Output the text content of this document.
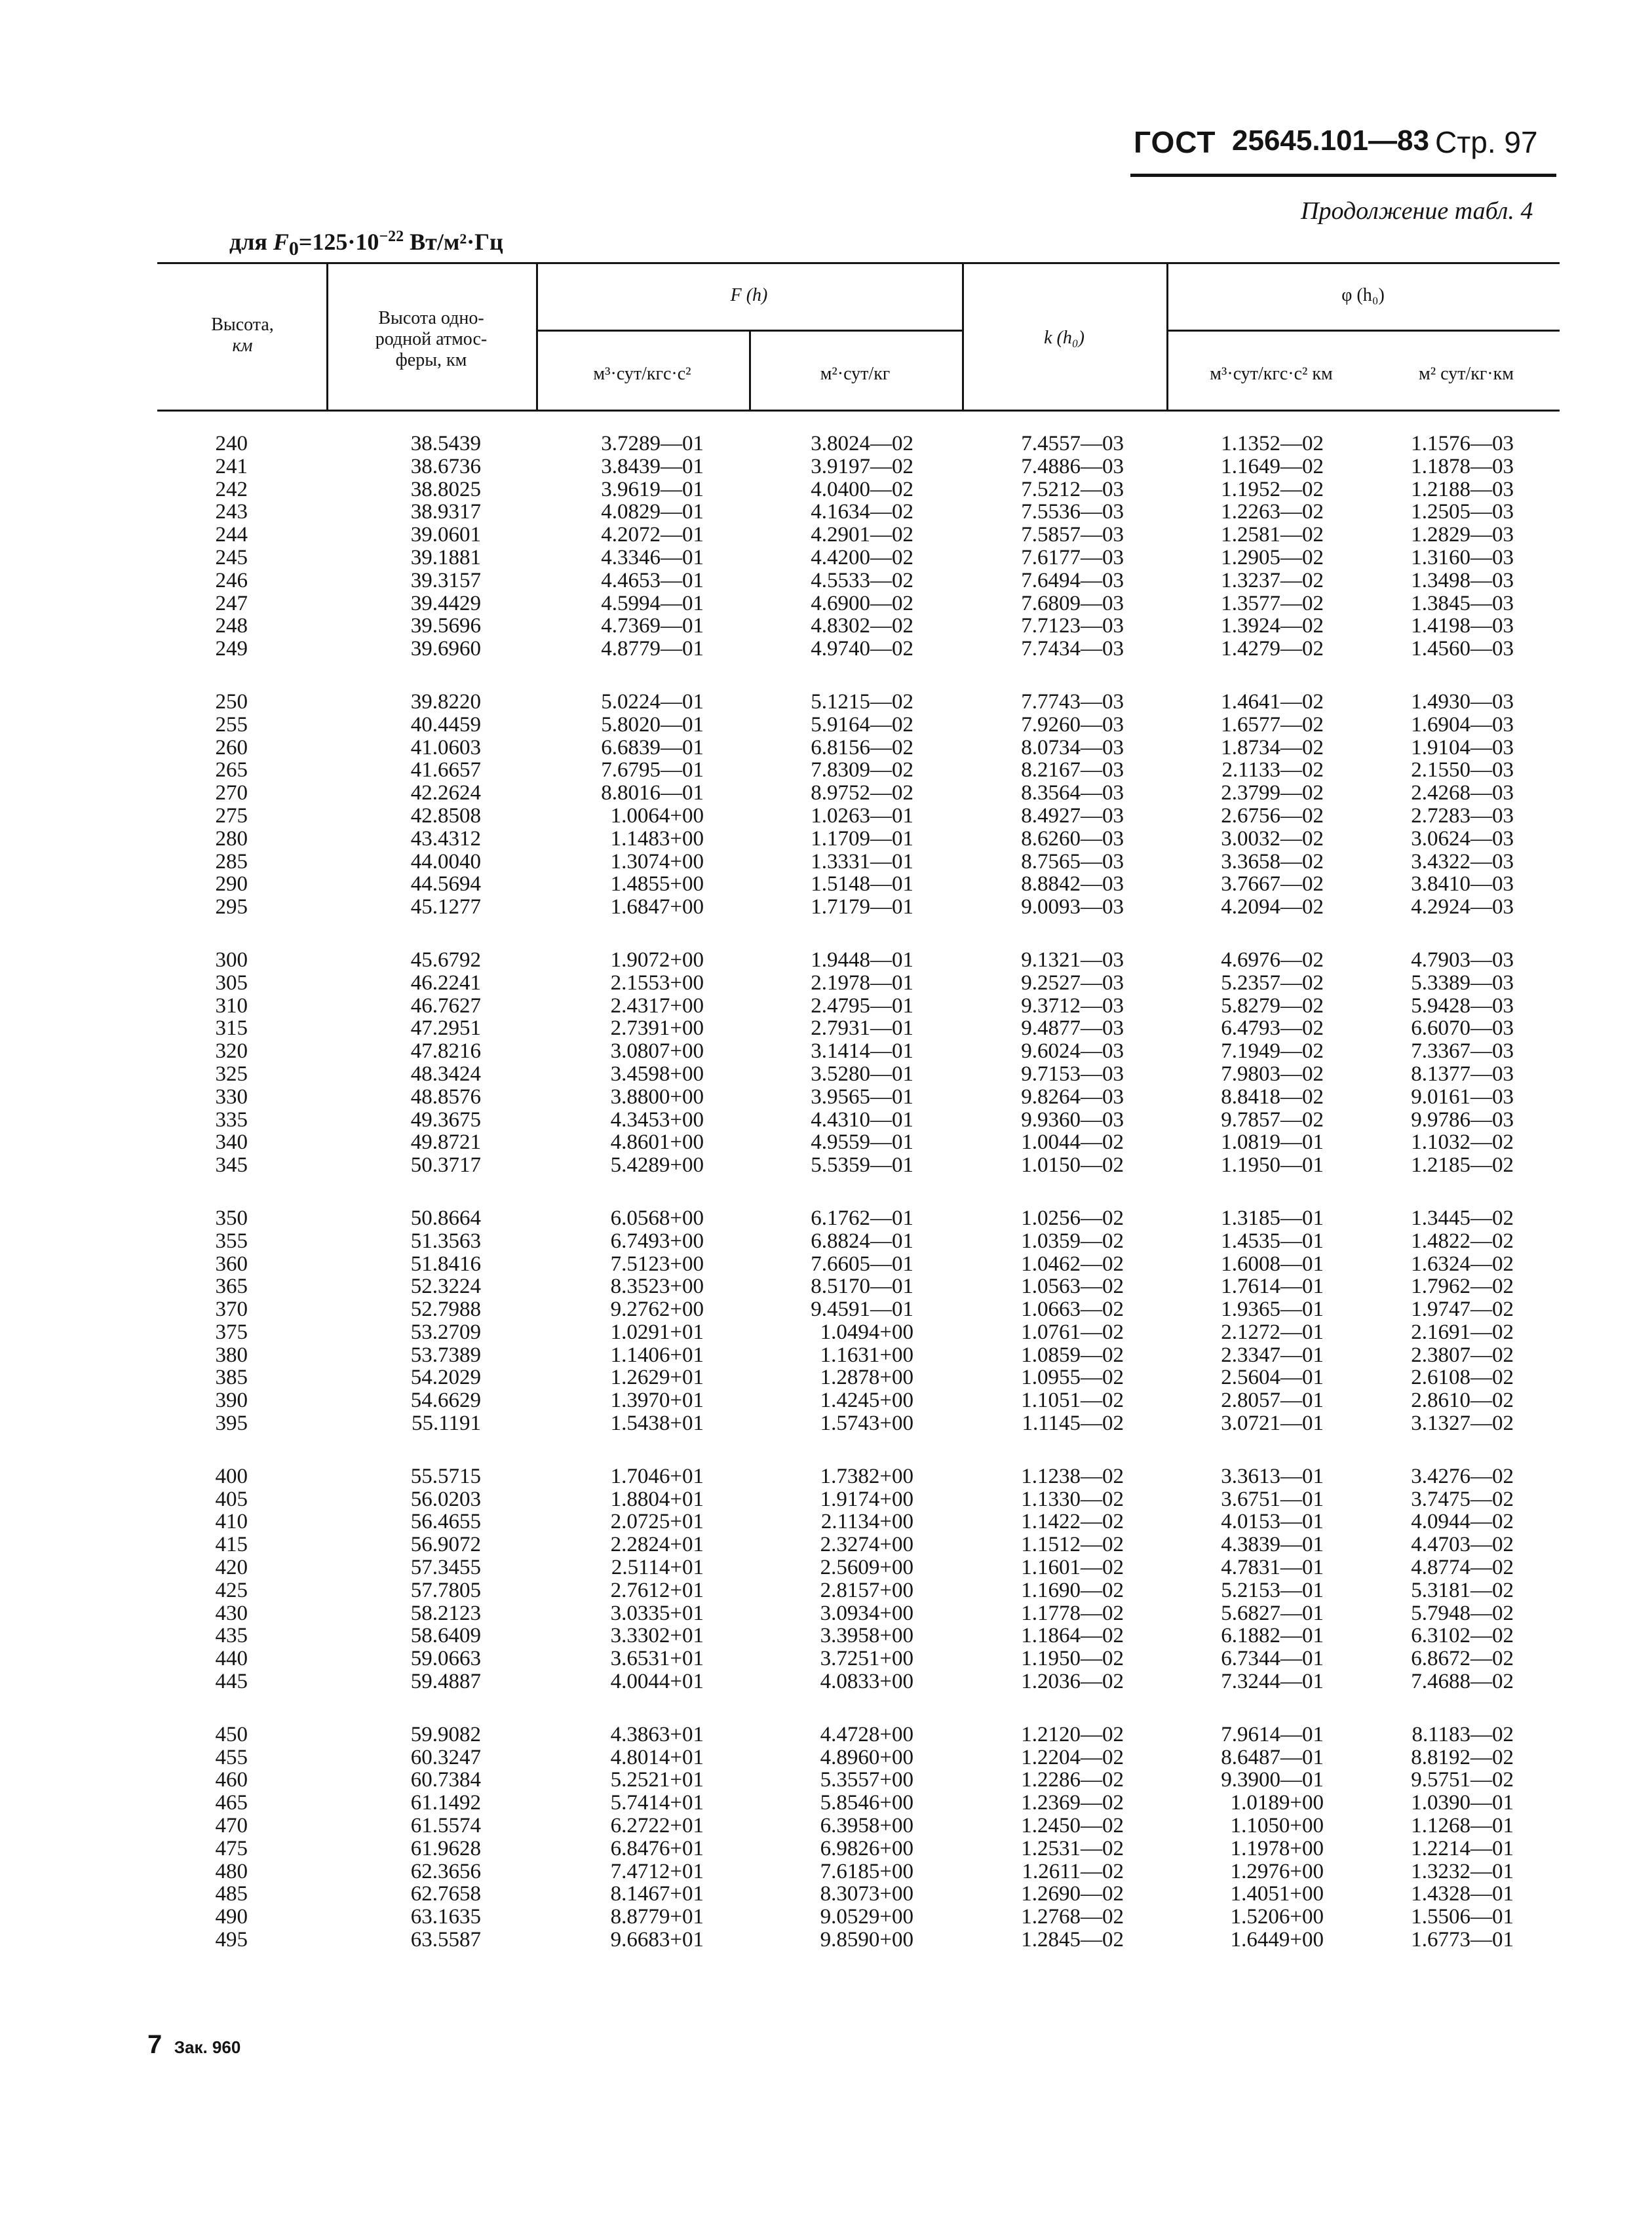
ГОСТ 25645.101—83 Стр. 97
Продолжение табл. 4
для $F_0=125\cdot 10^{-22}$ Вт/м²·Гц
Высота,
км
Высота одно-
родной атмос-
феры, км
F (h)
м³·сут/кгс·с²	м²·сут/кг
k (h₀)
φ (h₀)
м³·сут/кгс·с² км	м² сут/кг·км
240
241
242
243
244
245
246
247
248
249
250
255
260
265
270
275
280
285
290
295
300
305
310
315
320
325
330
335
340
345
350
355
360
365
370
375
380
385
390
395
400
405
410
415
420
425
430
435
440
445
450
455
460
465
470
475
480
485
490
495
38.5439
38.6736
38.8025
38.9317
39.0601
39.1881
39.3157
39.4429
39.5696
39.6960
39.8220
40.4459
41.0603
41.6657
42.2624
42.8508
43.4312
44.0040
44.5694
45.1277
45.6792
46.2241
46.7627
47.2951
47.8216
48.3424
48.8576
49.3675
49.8721
50.3717
50.8664
51.3563
51.8416
52.3224
52.7988
53.2709
53.7389
54.2029
54.6629
55.1191
55.5715
56.0203
56.4655
56.9072
57.3455
57.7805
58.2123
58.6409
59.0663
59.4887
59.9082
60.3247
60.7384
61.1492
61.5574
61.9628
62.3656
62.7658
63.1635
63.5587
3.7289—01
3.8439—01
3.9619—01
4.0829—01
4.2072—01
4.3346—01
4.4653—01
4.5994—01
4.7369—01
4.8779—01
5.0224—01
5.8020—01
6.6839—01
7.6795—01
8.8016—01
1.0064+00
1.1483+00
1.3074+00
1.4855+00
1.6847+00
1.9072+00
2.1553+00
2.4317+00
2.7391+00
3.0807+00
3.4598+00
3.8800+00
4.3453+00
4.8601+00
5.4289+00
6.0568+00
6.7493+00
7.5123+00
8.3523+00
9.2762+00
1.0291+01
1.1406+01
1.2629+01
1.3970+01
1.5438+01
1.7046+01
1.8804+01
2.0725+01
2.2824+01
2.5114+01
2.7612+01
3.0335+01
3.3302+01
3.6531+01
4.0044+01
4.3863+01
4.8014+01
5.2521+01
5.7414+01
6.2722+01
6.8476+01
7.4712+01
8.1467+01
8.8779+01
9.6683+01
3.8024—02
3.9197—02
4.0400—02
4.1634—02
4.2901—02
4.4200—02
4.5533—02
4.6900—02
4.8302—02
4.9740—02
5.1215—02
5.9164—02
6.8156—02
7.8309—02
8.9752—02
1.0263—01
1.1709—01
1.3331—01
1.5148—01
1.7179—01
1.9448—01
2.1978—01
2.4795—01
2.7931—01
3.1414—01
3.5280—01
3.9565—01
4.4310—01
4.9559—01
5.5359—01
6.1762—01
6.8824—01
7.6605—01
8.5170—01
9.4591—01
1.0494+00
1.1631+00
1.2878+00
1.4245+00
1.5743+00
1.7382+00
1.9174+00
2.1134+00
2.3274+00
2.5609+00
2.8157+00
3.0934+00
3.3958+00
3.7251+00
4.0833+00
4.4728+00
4.8960+00
5.3557+00
5.8546+00
6.3958+00
6.9826+00
7.6185+00
8.3073+00
9.0529+00
9.8590+00
7.4557—03
7.4886—03
7.5212—03
7.5536—03
7.5857—03
7.6177—03
7.6494—03
7.6809—03
7.7123—03
7.7434—03
7.7743—03
7.9260—03
8.0734—03
8.2167—03
8.3564—03
8.4927—03
8.6260—03
8.7565—03
8.8842—03
9.0093—03
9.1321—03
9.2527—03
9.3712—03
9.4877—03
9.6024—03
9.7153—03
9.8264—03
9.9360—03
1.0044—02
1.0150—02
1.0256—02
1.0359—02
1.0462—02
1.0563—02
1.0663—02
1.0761—02
1.0859—02
1.0955—02
1.1051—02
1.1145—02
1.1238—02
1.1330—02
1.1422—02
1.1512—02
1.1601—02
1.1690—02
1.1778—02
1.1864—02
1.1950—02
1.2036—02
1.2120—02
1.2204—02
1.2286—02
1.2369—02
1.2450—02
1.2531—02
1.2611—02
1.2690—02
1.2768—02
1.2845—02
1.1352—02
1.1649—02
1.1952—02
1.2263—02
1.2581—02
1.2905—02
1.3237—02
1.3577—02
1.3924—02
1.4279—02
1.4641—02
1.6577—02
1.8734—02
2.1133—02
2.3799—02
2.6756—02
3.0032—02
3.3658—02
3.7667—02
4.2094—02
4.6976—02
5.2357—02
5.8279—02
6.4793—02
7.1949—02
7.9803—02
8.8418—02
9.7857—02
1.0819—01
1.1950—01
1.3185—01
1.4535—01
1.6008—01
1.7614—01
1.9365—01
2.1272—01
2.3347—01
2.5604—01
2.8057—01
3.0721—01
3.3613—01
3.6751—01
4.0153—01
4.3839—01
4.7831—01
5.2153—01
5.6827—01
6.1882—01
6.7344—01
7.3244—01
7.9614—01
8.6487—01
9.3900—01
1.0189+00
1.1050+00
1.1978+00
1.2976+00
1.4051+00
1.5206+00
1.6449+00
1.1576—03
1.1878—03
1.2188—03
1.2505—03
1.2829—03
1.3160—03
1.3498—03
1.3845—03
1.4198—03
1.4560—03
1.4930—03
1.6904—03
1.9104—03
2.1550—03
2.4268—03
2.7283—03
3.0624—03
3.4322—03
3.8410—03
4.2924—03
4.7903—03
5.3389—03
5.9428—03
6.6070—03
7.3367—03
8.1377—03
9.0161—03
9.9786—03
1.1032—02
1.2185—02
1.3445—02
1.4822—02
1.6324—02
1.7962—02
1.9747—02
2.1691—02
2.3807—02
2.6108—02
2.8610—02
3.1327—02
3.4276—02
3.7475—02
4.0944—02
4.4703—02
4.8774—02
5.3181—02
5.7948—02
6.3102—02
6.8672—02
7.4688—02
8.1183—02
8.8192—02
9.5751—02
1.0390—01
1.1268—01
1.2214—01
1.3232—01
1.4328—01
1.5506—01
1.6773—01
7 Зак. 960
